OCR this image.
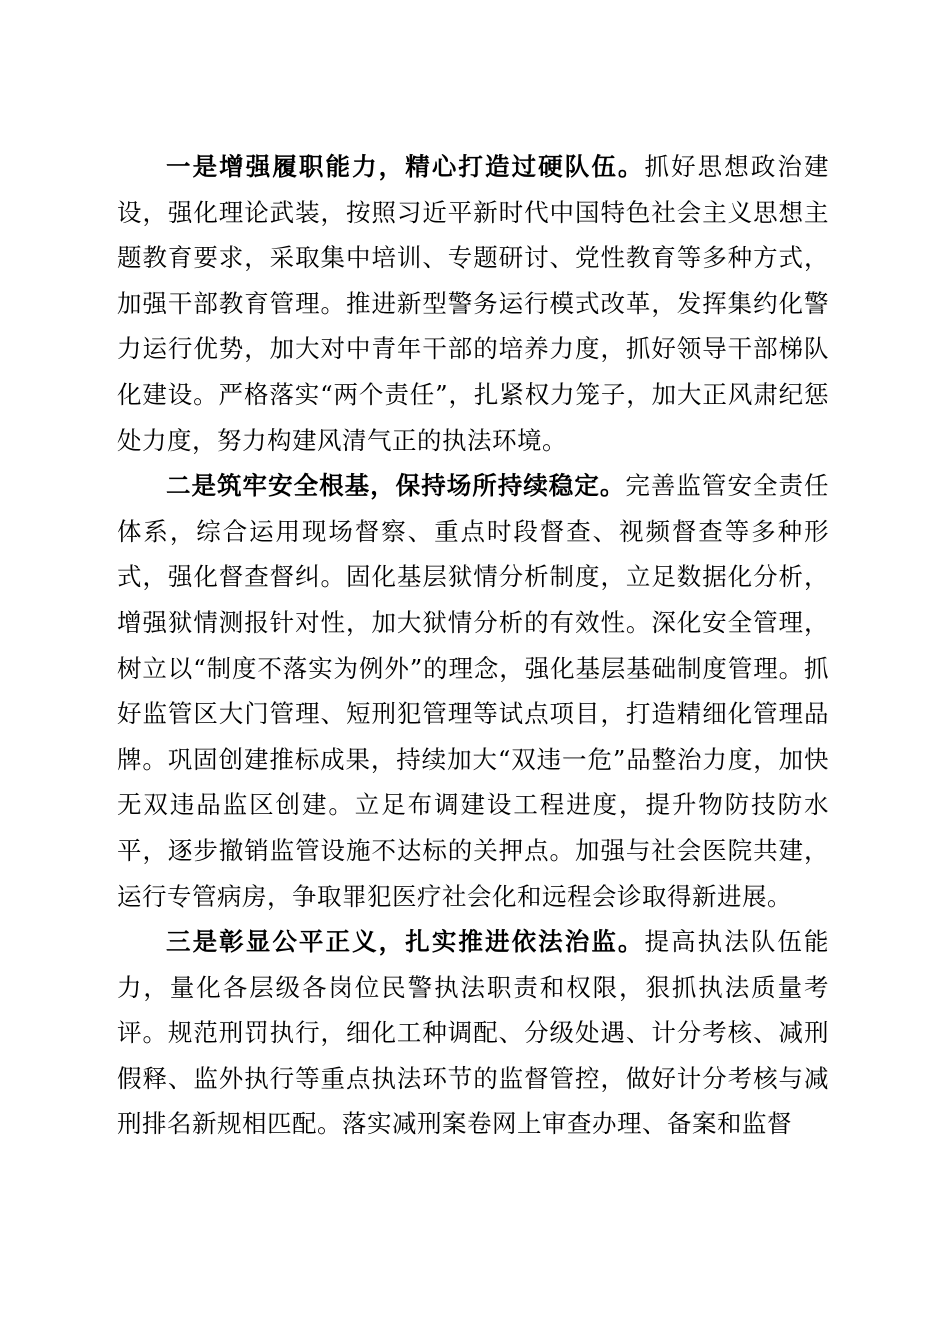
一是增强履职能力，精心打造过硬队伍。抓好思想政治建设，强化理论武装，按照习近平新时代中国特色社会主义思想主题教育要求，采取集中培训、专题研讨、党性教育等多种方式，加强干部教育管理。推进新型警务运行模式改革，发挥集约化警力运行优势，加大对中青年干部的培养力度，抓好领导干部梯队化建设。严格落实“两个责任”，扎紧权力笼子，加大正风肃纪惩处力度，努力构建风清气正的执法环境。

二是筑牢安全根基，保持场所持续稳定。完善监管安全责任体系，综合运用现场督察、重点时段督查、视频督查等多种形式，强化督查督纠。固化基层狱情分析制度，立足数据化分析，增强狱情测报针对性，加大狱情分析的有效性。深化安全管理，树立以“制度不落实为例外”的理念，强化基层基础制度管理。抓好监管区大门管理、短刑犯管理等试点项目，打造精细化管理品牌。巩固创建推标成果，持续加大“双违一危”品整治力度，加快无双违品监区创建。立足布调建设工程进度，提升物防技防水平，逐步撤销监管设施不达标的关押点。加强与社会医院共建，运行专管病房，争取罪犯医疗社会化和远程会诊取得新进展。

三是彰显公平正义，扎实推进依法治监。提高执法队伍能力，量化各层级各岗位民警执法职责和权限，狠抓执法质量考评。规范刑罚执行，细化工种调配、分级处遇、计分考核、减刑假释、监外执行等重点执法环节的监督管控，做好计分考核与减刑排名新规相匹配。落实减刑案卷网上审查办理、备案和监督
